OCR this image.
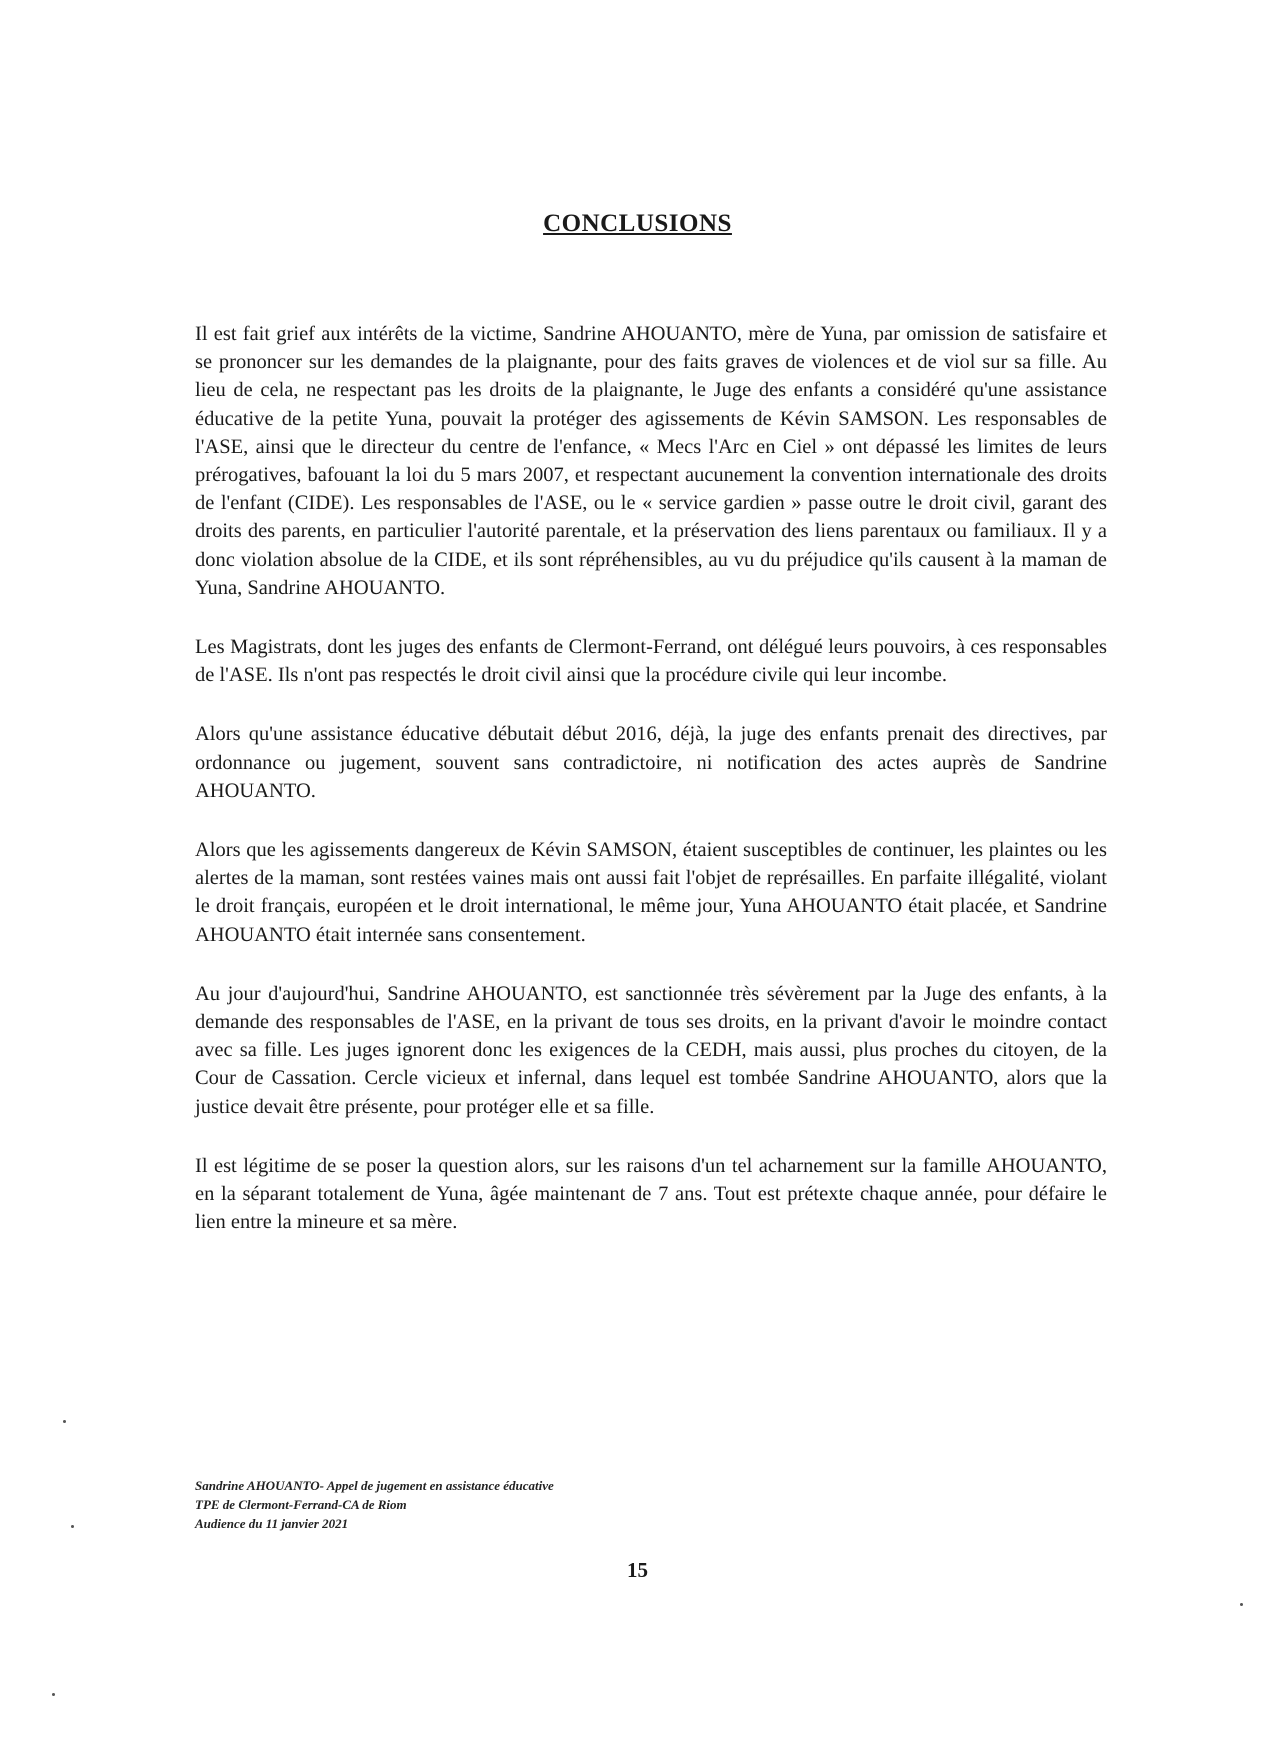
CONCLUSIONS

Il est fait grief aux intérêts de la victime, Sandrine AHOUANTO, mère de Yuna, par omission de satisfaire et se prononcer sur les demandes de la plaignante, pour des faits graves de violences et de viol sur sa fille. Au lieu de cela, ne respectant pas les droits de la plaignante, le Juge des enfants a considéré qu'une assistance éducative de la petite Yuna, pouvait la protéger des agissements de Kévin SAMSON. Les responsables de l'ASE, ainsi que le directeur du centre de l'enfance, « Mecs l'Arc en Ciel » ont dépassé les limites de leurs prérogatives, bafouant la loi du 5 mars 2007, et respectant aucunement la convention internationale des droits de l'enfant (CIDE). Les responsables de l'ASE, ou le « service gardien » passe outre le droit civil, garant des droits des parents, en particulier l'autorité parentale, et la préservation des liens parentaux ou familiaux. Il y a donc violation absolue de la CIDE, et ils sont répréhensibles, au vu du préjudice qu'ils causent à la maman de Yuna, Sandrine AHOUANTO.

Les Magistrats, dont les juges des enfants de Clermont-Ferrand, ont délégué leurs pouvoirs, à ces responsables de l'ASE. Ils n'ont pas respectés le droit civil ainsi que la procédure civile qui leur incombe.

Alors qu'une assistance éducative débutait début 2016, déjà, la juge des enfants prenait des directives, par ordonnance ou jugement, souvent sans contradictoire, ni notification des actes auprès de Sandrine AHOUANTO.

Alors que les agissements dangereux de Kévin SAMSON, étaient susceptibles de continuer, les plaintes ou les alertes de la maman, sont restées vaines mais ont aussi fait l'objet de représailles. En parfaite illégalité, violant le droit français, européen et le droit international, le même jour, Yuna AHOUANTO était placée, et Sandrine AHOUANTO était internée sans consentement.

Au jour d'aujourd'hui, Sandrine AHOUANTO, est sanctionnée très sévèrement par la Juge des enfants, à la demande des responsables de l'ASE, en la privant de tous ses droits, en la privant d'avoir le moindre contact avec sa fille. Les juges ignorent donc les exigences de la CEDH, mais aussi, plus proches du citoyen, de la Cour de Cassation. Cercle vicieux et infernal, dans lequel est tombée Sandrine AHOUANTO, alors que la justice devait être présente, pour protéger elle et sa fille.

Il est légitime de se poser la question alors, sur les raisons d'un tel acharnement sur la famille AHOUANTO, en la séparant totalement de Yuna, âgée maintenant de 7 ans. Tout est prétexte chaque année, pour défaire le lien entre la mineure et sa mère.

Sandrine AHOUANTO- Appel de jugement en assistance éducative
TPE de Clermont-Ferrand-CA de Riom
Audience du 11 janvier 2021
15
